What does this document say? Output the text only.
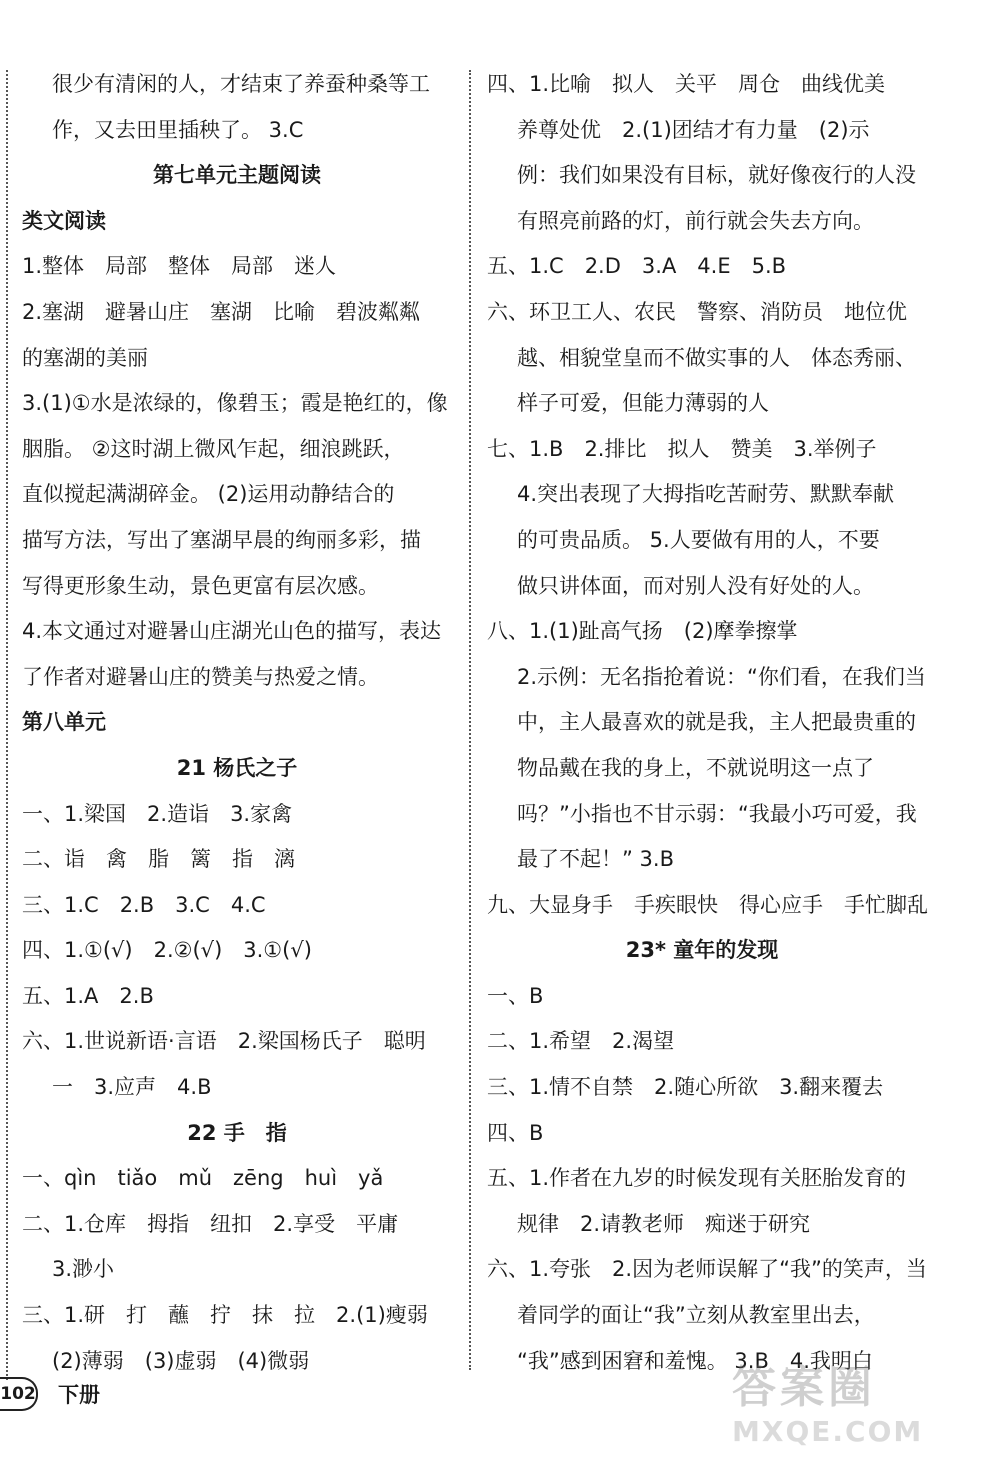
很少有清闲的人，才结束了养蚕种桑等工
作，又去田里插秧了。 3.C
第七单元主题阅读
类文阅读
1.整体　局部　整体　局部　迷人
2.塞湖　避暑山庄　塞湖　比喻　碧波粼粼
的塞湖的美丽
3.(1)①水是浓绿的，像碧玉；霞是艳红的，像
胭脂。 ②这时湖上微风乍起，细浪跳跃，
直似搅起满湖碎金。 (2)运用动静结合的
描写方法，写出了塞湖早晨的绚丽多彩，描
写得更形象生动，景色更富有层次感。
4.本文通过对避暑山庄湖光山色的描写，表达
了作者对避暑山庄的赞美与热爱之情。
第八单元
21 杨氏之子
一、1.梁国　2.造诣　3.家禽
二、诣　禽　脂　篱　指　漓
三、1.C　2.B　3.C　4.C
四、1.①(√)　2.②(√)　3.①(√)
五、1.A　2.B
六、1.世说新语·言语　2.梁国杨氏子　聪明
一　3.应声　4.B
22 手　指
一、qìn　tiǎo　mǔ　zēng　huì　yǎ
二、1.仓库　拇指　纽扣　2.享受　平庸
3.渺小
三、1.研　打　蘸　拧　抹　拉　2.(1)瘦弱
(2)薄弱　(3)虚弱　(4)微弱
四、1.比喻　拟人　关平　周仓　曲线优美
养尊处优　2.(1)团结才有力量　(2)示
例：我们如果没有目标，就好像夜行的人没
有照亮前路的灯，前行就会失去方向。
五、1.C　2.D　3.A　4.E　5.B
六、环卫工人、农民　警察、消防员　地位优
越、相貌堂皇而不做实事的人　体态秀丽、
样子可爱，但能力薄弱的人
七、1.B　2.排比　拟人　赞美　3.举例子
4.突出表现了大拇指吃苦耐劳、默默奉献
的可贵品质。 5.人要做有用的人，不要
做只讲体面，而对别人没有好处的人。
八、1.(1)趾高气扬　(2)摩拳擦掌
2.示例：无名指抢着说：“你们看，在我们当
中，主人最喜欢的就是我，主人把最贵重的
物品戴在我的身上，不就说明这一点了
吗？”小指也不甘示弱：“我最小巧可爱，我
最了不起！” 3.B
九、大显身手　手疾眼快　得心应手　手忙脚乱
23* 童年的发现
一、B
二、1.希望　2.渴望
三、1.情不自禁　2.随心所欲　3.翻来覆去
四、B
五、1.作者在九岁的时候发现有关胚胎发育的
规律　2.请教老师　痴迷于研究
六、1.夸张　2.因为老师误解了“我”的笑声，当
着同学的面让“我”立刻从教室里出去，
“我”感到困窘和羞愧。 3.B　4.我明白
102 下册	答案圈
MXQE.COM
